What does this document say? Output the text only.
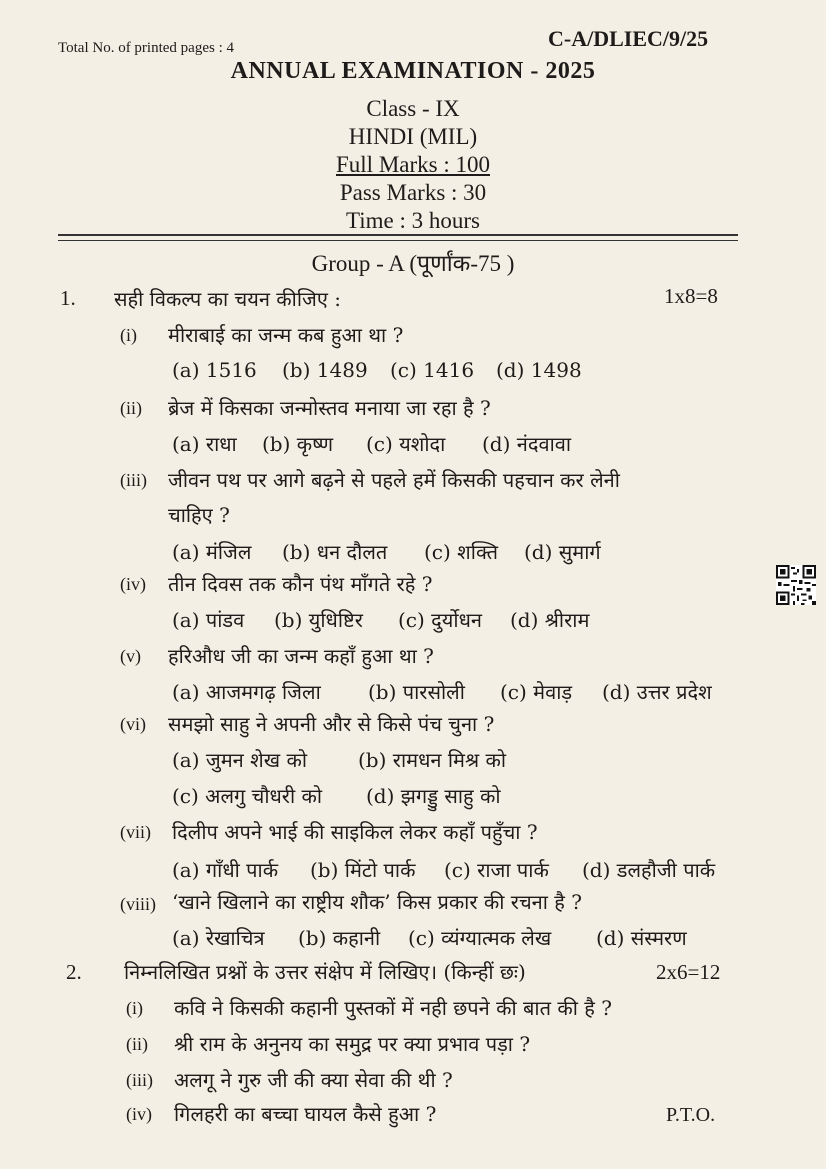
Total No. of printed pages : 4	C-A/DLIEC/9/25
ANNUAL EXAMINATION - 2025
Class - IX
HINDI (MIL)
Full Marks : 100
Pass Marks : 30
Time : 3 hours
Group - A (पूर्णांक-75 )
1. सही विकल्प का चयन कीजिए :	1x8=8
(i) मीराबाई का जन्म कब हुआ था ?
(a) 1516 (b) 1489 (c) 1416 (d) 1498
(ii) ब्रेज में किसका जन्मोस्तव मनाया जा रहा है ?
(a) राधा (b) कृष्ण (c) यशोदा (d) नंदवावा
(iii) जीवन पथ पर आगे बढ़ने से पहले हमें किसकी पहचान कर लेनी
चाहिए ?
(a) मंजिल (b) धन दौलत (c) शक्ति (d) सुमार्ग
(iv) तीन दिवस तक कौन पंथ माँगते रहे ?
(a) पांडव (b) युधिष्टिर (c) दुर्योधन (d) श्रीराम
(v) हरिऔध जी का जन्म कहाँ हुआ था ?
(a) आजमगढ़ जिला (b) पारसोली (c) मेवाड़ (d) उत्तर प्रदेश
(vi) समझो साहु ने अपनी और से किसे पंच चुना ?
(a) जुमन शेख को	(b) रामधन मिश्र को
(c) अलगु चौधरी को (d) झगड्डु साहु को
(vii) दिलीप अपने भाई की साइकिल लेकर कहाँ पहुँचा ?
(a) गाँधी पार्क (b) मिंटो पार्क (c) राजा पार्क (d) डलहौजी पार्क
(viii) ‘खाने खिलाने का राष्ट्रीय शौक’ किस प्रकार की रचना है ?
(a) रेखाचित्र (b) कहानी (c) व्यंग्यात्मक लेख (d) संस्मरण
2. निम्नलिखित प्रश्नों के उत्तर संक्षेप में लिखिए। (किन्हीं छः)	2x6=12
(i) कवि ने किसकी कहानी पुस्तकों में नही छपने की बात की है ?
(ii) श्री राम के अनुनय का समुद्र पर क्या प्रभाव पड़ा ?
(iii) अलगू ने गुरु जी की क्या सेवा की थी ?
(iv) गिलहरी का बच्चा घायल कैसे हुआ ?	P.T.O.
